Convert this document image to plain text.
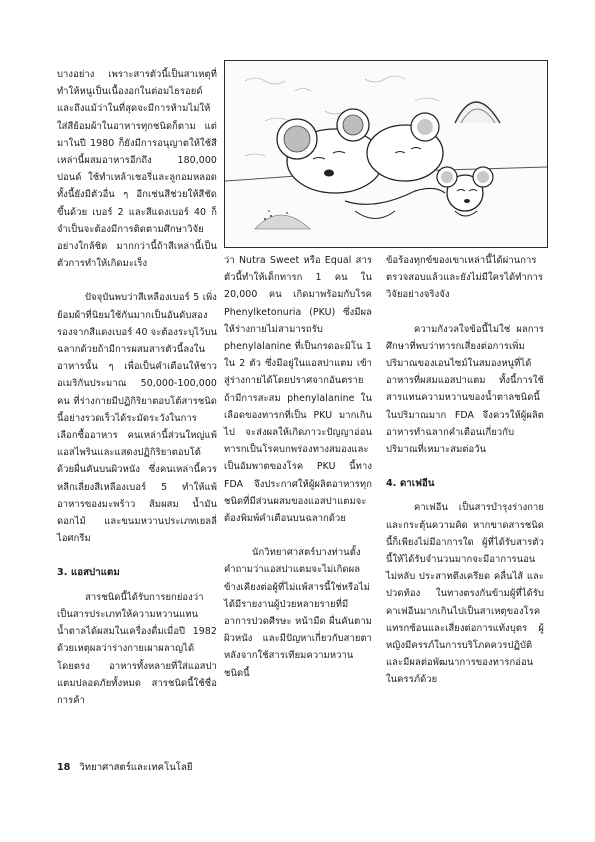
บางอย่าง เพราะสารตัวนี้เป็นสาเหตุที่ทำให้หนูเป็นเนื้องอกในต่อมไธรอยด์ และถึงแม้ว่าในที่สุดจะมีการห้ามไม่ให้ใส่สีย้อมผ้าในอาหารทุกชนิดก็ตาม แต่มาในปี 1980 ก็ยังมีการอนุญาตให้ใช้สีเหล่านี้ผสมอาหารอีกถึง 180,000 ปอนด์ ใช้ทำเหล้าเชอรี่และลูกอมหลอด ทั้งนี้ยังมีตัวอื่น ๆ อีกเช่นสีช่วยให้สีชัดขึ้นด้วย เบอร์ 2 และสีแดงเบอร์ 40 ก็จำเป็นจะต้องมีการติดตามศึกษาวิจัยอย่างใกล้ชิด มากกว่านี้ถ้าสีเหล่านี้เป็นตัวการทำให้เกิดมะเร็ง

ปัจจุบันพบว่าสีเหลืองเบอร์ 5 เพิ่งย้อมผ้าที่นิยมใช้กันมากเป็นอันดับสองรองจากสีแดงเบอร์ 40 จะต้องระบุไว้บนฉลากด้วยถ้ามีการผสมสารตัวนี้ลงในอาหารนั้น ๆ เพื่อเป็นคำเตือนให้ชาวอเมริกันประมาณ 50,000-100,000 คน ที่ร่างกายมีปฏิกิริยาตอบโต้สารชนิดนี้อย่างรวดเร็วได้ระมัดระวังในการเลือกซื้ออาหาร คนเหล่านี้ส่วนใหญ่แพ้แอสไพรินและแสดงปฏิกิริยาตอบโต้ด้วยผื่นคันบนผิวหนัง ซึ่งคนเหล่านี้ควรหลีกเลี่ยงสีเหลืองเบอร์ 5 ทำให้แพ้อาหารของมะพร้าว ส้มผสม น้ำมันดอกไม้ และขนมหวานประเภทเยลลี่ไอศกรีม

3. แอสปาแตม

สารชนิดนี้ได้รับการยกย่องว่าเป็นสารประเภทให้ความหวานแทนน้ำตาลได้ผสมในเครื่องดื่มเมื่อปี 1982 ด้วยเหตุผลว่าร่างกายเผาผลาญได้โดยตรง อาหารทั้งหลายที่ใส่แอสปาแตมปลอดภัยทั้งหมด สารชนิดนี้ใช้ชื่อการค้า

ว่า Nutra Sweet หรือ Equal สารตัวนี้ทำให้เด็กทารก 1 คน ใน 20,000 คน เกิดมาพร้อมกับโรค Phenylketonuria (PKU) ซึ่งมีผลให้ร่างกายไม่สามารถรับ phenylalanine ที่เป็นกรดอะมิโน 1 ใน 2 ตัว ซึ่งมีอยู่ในแอสปาแตม เข้าสู่ร่างกายได้โดยปราศจากอันตราย ถ้ามีการสะสม phenylalanine ในเลือดของทารกที่เป็น PKU มากเกินไป จะส่งผลให้เกิดภาวะปัญญาอ่อน ทารกเป็นโรคบกพร่องทางสมองและเป็นอัมพาตของโรค PKU นี้ทาง FDA จึงประกาศให้ผู้ผลิตอาหารทุกชนิดที่มีส่วนผสมของแอสปาแตมจะต้องพิมพ์คำเตือนบนฉลากด้วย

นักวิทยาศาสตร์บางท่านตั้งคำถามว่าแอสปาแตมจะไม่เกิดผลข้างเคียงต่อผู้ที่ไม่แพ้สารนี้ใช่หรือไม่ ได้มีรายงานผู้ป่วยหลายรายที่มีอาการปวดศีรษะ หน้ามืด ผื่นคันตามผิวหนัง และมีปัญหาเกี่ยวกับสายตาหลังจากใช้สารเทียมความหวานชนิดนี้

ข้อร้องทุกข์ของเขาเหล่านี้ได้ผ่านการตรวจสอบแล้วและยังไม่มีใครได้ทำการวิจัยอย่างจริงจัง

ความกังวลใจข้อนี้ไม่ใช่ ผลการศึกษาที่พบว่าทารกเสี่ยงต่อการเพิ่มปริมาณของเอนไซม์ในสมองหนูที่ได้อาหารที่ผสมแอสปาแตม ทั้งนี้การใช้สารแทนความหวานของน้ำตาลชนิดนี้ในปริมาณมาก FDA จึงควรให้ผู้ผลิตอาหารทำฉลากคำเตือนเกี่ยวกับปริมาณที่เหมาะสมต่อวัน

4. ดาเฟอีน

คาเฟอีน เป็นสารบำรุงร่างกายและกระตุ้นความคิด หากขาดสารชนิดนี้ก็เพียงไม่มีอาการใด ผู้ที่ได้รับสารตัวนี้ให้ได้รับจำนวนมากจะมีอาการนอนไม่หลับ ประสาทตึงเครียด คลื่นไส้ และปวดท้อง ในทางตรงกันข้ามผู้ที่ได้รับคาเฟอีนมากเกินไปเป็นสาเหตุของโรคแทรกซ้อนและเสี่ยงต่อการแท้งบุตร ผู้หญิงมีครรภ์ในการบริโภคควรปฏิบัติ และมีผลต่อพัฒนาการของทารกอ่อนในครรภ์ด้วย

18 วิทยาศาสตร์และเทคโนโลยี
